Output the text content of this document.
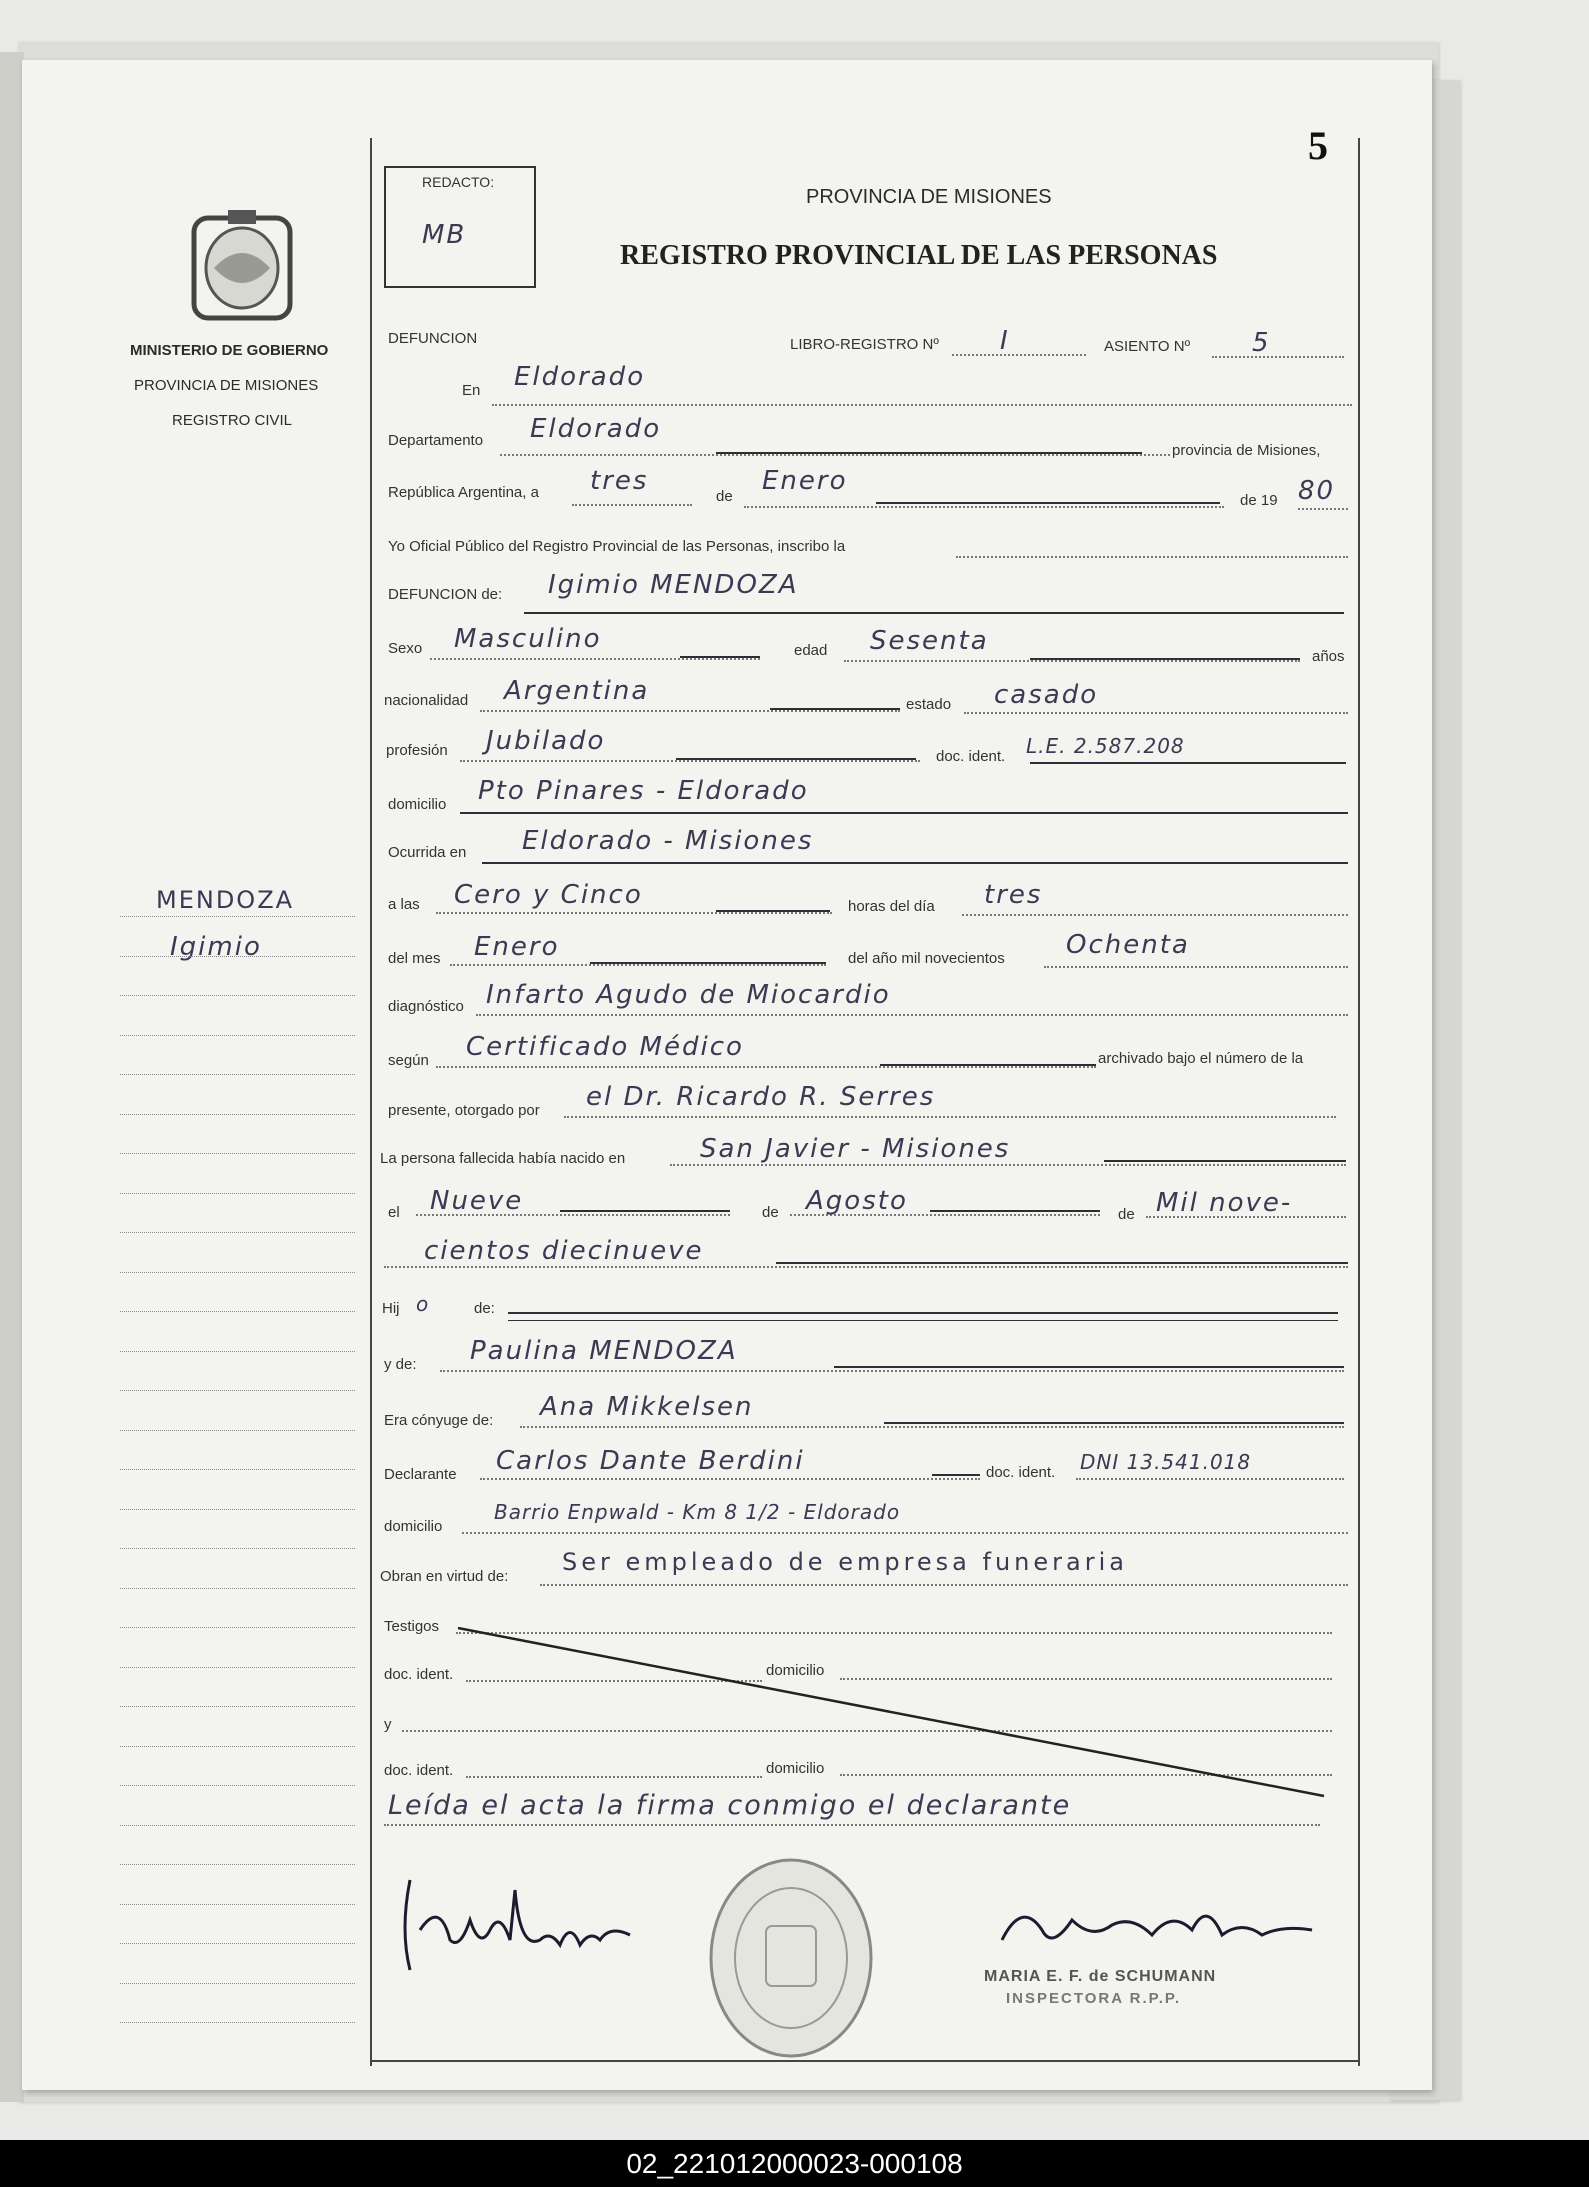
5
REDACTO:
MB
PROVINCIA DE MISIONES
REGISTRO PROVINCIAL DE LAS PERSONAS
DEFUNCION	LIBRO-REGISTRO Nº I	ASIENTO Nº 5
MINISTERIO DE GOBIERNO
PROVINCIA DE MISIONES
REGISTRO CIVIL
MENDOZA
Igimio
En Eldorado
Departamento Eldorado
provincia de Misiones,
República Argentina, a tres
de
Enero
de 19 80
Yo Oficial Público del Registro Provincial de las Personas, inscribo la
DEFUNCION de: Igimio MENDOZA
Sexo Masculino	edad Sesenta
años
nacionalidad Argentina	estado casado
profesión Jubilado
doc. ident. L.E. 2.587.208
domicilio Pto Pinares - Eldorado
Ocurrida en Eldorado - Misiones
a las Cero y Cinco	horas del día tres
del mes Enero	del año mil novecientos Ochenta
diagnóstico Infarto Agudo de Miocardio
según Certificado Médico	archivado bajo el número de la
presente, otorgado por el Dr. Ricardo R. Serres
La persona fallecida había nacido en	San Javier - Misiones
el Nueve	de Agosto	de Mil nove-
cientos diecinueve
Hij o	de:
y de: Paulina MENDOZA
Era cónyuge de: Ana Mikkelsen
Declarante Carlos Dante Berdini	doc. ident. DNI 13.541.018
domicilio
Barrio Enpwald - Km 8 1/2 - Eldorado
Obran en virtud de:
Ser empleado de empresa funeraria
Testigos
doc. ident.	domicilio
y
doc. ident.	domicilio
Leída el acta la firma conmigo el declarante
MARIA E. F. de SCHUMANN
INSPECTORA R.P.P.
02_221012000023-000108
